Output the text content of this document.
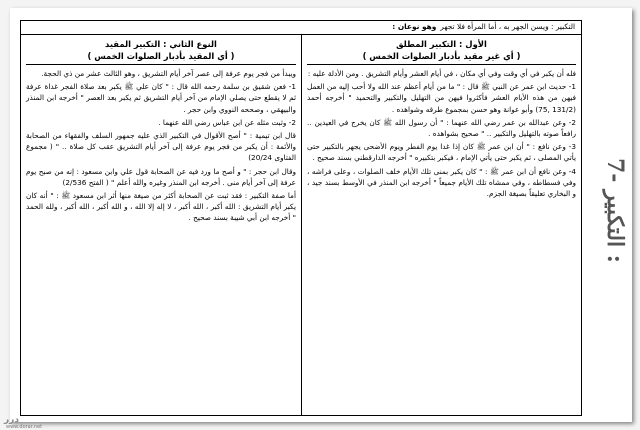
7- التكبير :
التكبير : ويسن الجهر به ، أما المرأة فلا تجهروهو نوعان :
الأول : التكبير المطلق
( أي غير مقيد بأدبار الصلوات الخمس )

فله أن يكبر في أي وقت وفي أي مكان ، في أيام العشر وأيام التشريق . ومن الأدلة عليه :

1- حديث ابن عمر عن النبي ﷺ قال : " ما من أيام أعظم عند الله ولا أحب إليه من العمل فيهن من هذه الأيام العشر فأكثروا فيهن من التهليل والتكبير والتحميد " أخرجه أحمد (131/2 ,75) وأبو عوانة وهو حسن بمجموع طرقه وشواهده .

2- وعن عبدالله بن عمر رضي الله عنهما : " أن رسول الله ﷺ كان يخرج في العيدين .. رافعاً صوته بالتهليل والتكبير .. " صحيح بشواهده .

3- وعن نافع : " أن ابن عمر ﷺ كان إذا غدا يوم الفطر ويوم الأضحى يجهر بالتكبير حتى يأتي المصلى ، ثم يكبر حتى يأتي الإمام ، فيكبر بتكبيره " أخرجه الدارقطني بسند صحيح .

4- وعن نافع أن ابن عمر ﷺ : " كان يكبر بمنى تلك الأيام خلف الصلوات ، وعلى فراشه ، وفي فسطاطه ، وفي ممشاه تلك الأيام جميعاً " أخرجه ابن المنذر في الأوسط بسند جيد ، و البخاري تعليقاً بصيغة الجزم.

النوع الثاني : التكبير المقيد
( أي المقيد بأدبار الصلوات الخمس )

ويبدأ من فجر يوم عرفة إلى عصر آخر أيام التشريق ، وهو الثالث عشر من ذي الحجة.

1- فعن شقيق بن سلمة رحمه الله قال : " كان علي ﷺ يكبر بعد صلاة الفجر غداة عرفة ثم لا يقطع حتى يصلي الإمام من آخر أيام التشريق ثم يكبر بعد العصر " أخرجه ابن المنذر والبيهقي ، وصححه النووي وابن حجر .

2- وثبت مثله عن ابن عباس رضي الله عنهما .

قال ابن تيمية : " أصح الأقوال في التكبير الذي عليه جمهور السلف والفقهاء من الصحابة والأئمة : أن يكبر من فجر يوم عرفة إلى آخر أيام التشريق عقب كل صلاة .. " ( مجموع الفتاوى 20/24)

وقال ابن حجر : " و أصح ما ورد فيه عن الصحابة قول علي وابن مسعود : إنه من صبح يوم عرفة إلى آخر أيام منى . أخرجه ابن المنذر وغيره والله أعلم " ( الفتح 2/536)

أما صفة التكبير : فقد ثبت عن الصحابة أكثر من صيغة منها أثر ابن مسعود ﷺ : " أنه كان يكبر أيام التشريق : الله أكبر ، الله أكبر ، لا إله إلا الله ، و الله أكبر ، الله أكبر ، ولله الحمد " أخرجه ابن أبي شيبة بسند صحيح .

درر
www.dorar.net
